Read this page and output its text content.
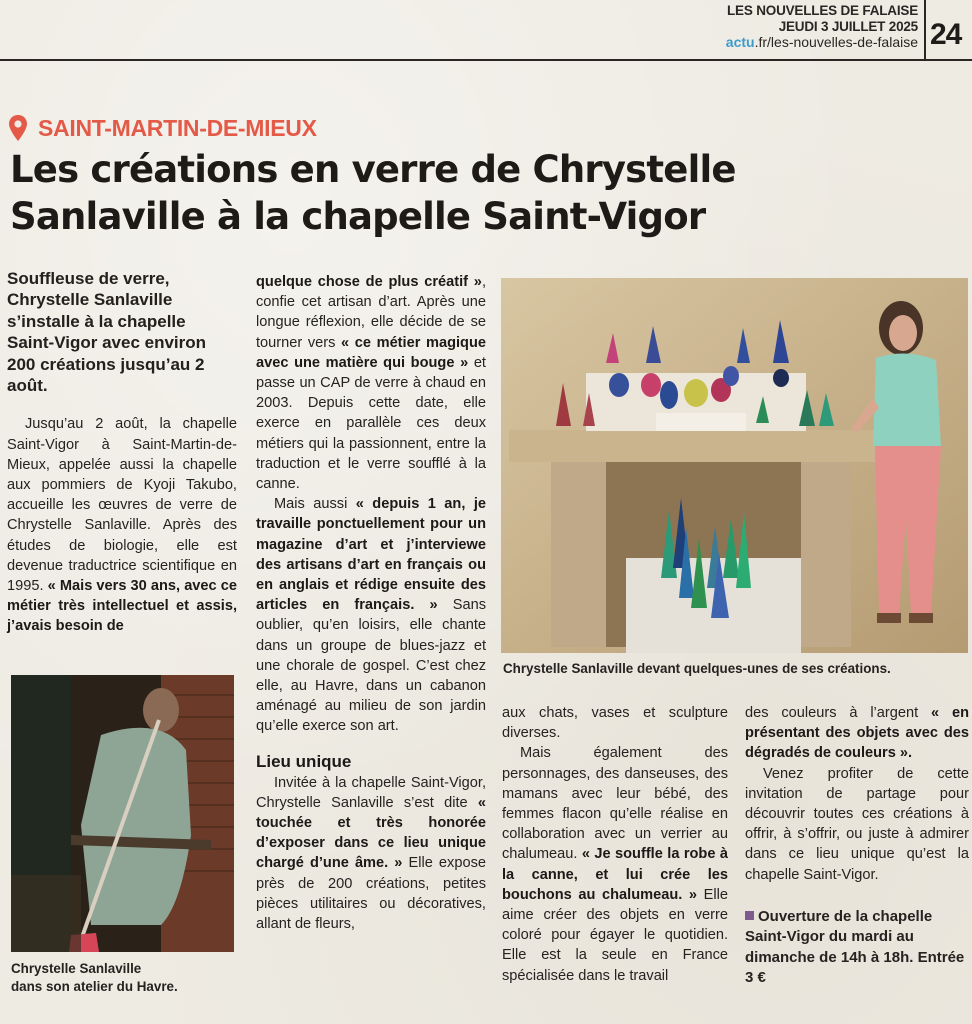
LES NOUVELLES DE FALAISE
JEUDI 3 JUILLET 2025
actu.fr/les-nouvelles-de-falaise 24
SAINT-MARTIN-DE-MIEUX
Les créations en verre de Chrystelle
Sanlaville à la chapelle Saint-Vigor

Souffleuse de verre, Chrystelle Sanlaville s’installe à la chapelle Saint-Vigor avec environ 200 créations jusqu’au 2 août.

Jusqu’au 2 août, la chapelle Saint-Vigor à Saint-Martin-de-Mieux, appelée aussi la chapelle aux pommiers de Kyoji Takubo, accueille les œuvres de verre de Chrystelle Sanlaville. Après des études de biologie, elle est devenue traductrice scientifique en 1995. « Mais vers 30 ans, avec ce métier très intellectuel et assis, j’avais besoin de

Chrystelle Sanlaville
dans son atelier du Havre.

quelque chose de plus créatif », confie cet artisan d’art. Après une longue réflexion, elle décide de se tourner vers « ce métier magique avec une matière qui bouge » et passe un CAP de verre à chaud en 2003. Depuis cette date, elle exerce en parallèle ces deux métiers qui la passionnent, entre la traduction et le verre soufflé à la canne.

Mais aussi « depuis 1 an, je travaille ponctuellement pour un magazine d’art et j’interviewe des artisans d’art en français ou en anglais et rédige ensuite des articles en français. » Sans oublier, qu’en loisirs, elle chante dans un groupe de blues-jazz et une chorale de gospel. C’est chez elle, au Havre, dans un cabanon aménagé au milieu de son jardin qu’elle exerce son art.

Lieu unique

Invitée à la chapelle Saint-Vigor, Chrystelle Sanlaville s’est dite « touchée et très honorée d’exposer dans ce lieu unique chargé d’une âme. » Elle expose près de 200 créations, petites pièces utilitaires ou décoratives, allant de fleurs,

Chrystelle Sanlaville devant quelques-unes de ses créations.

aux chats, vases et sculpture diverses.

Mais également des personnages, des danseuses, des mamans avec leur bébé, des femmes flacon qu’elle réalise en collaboration avec un verrier au chalumeau. « Je souffle la robe à la canne, et lui crée les bouchons au chalumeau. » Elle aime créer des objets en verre coloré pour égayer le quotidien. Elle est la seule en France spécialisée dans le travail

des couleurs à l’argent « en présentant des objets avec des dégradés de couleurs ».

Venez profiter de cette invitation de partage pour découvrir toutes ces créations à offrir, à s’offrir, ou juste à admirer dans ce lieu unique qu’est la chapelle Saint-Vigor.

Ouverture de la chapelle Saint-Vigor du mardi au dimanche de 14h à 18h. Entrée 3 €
